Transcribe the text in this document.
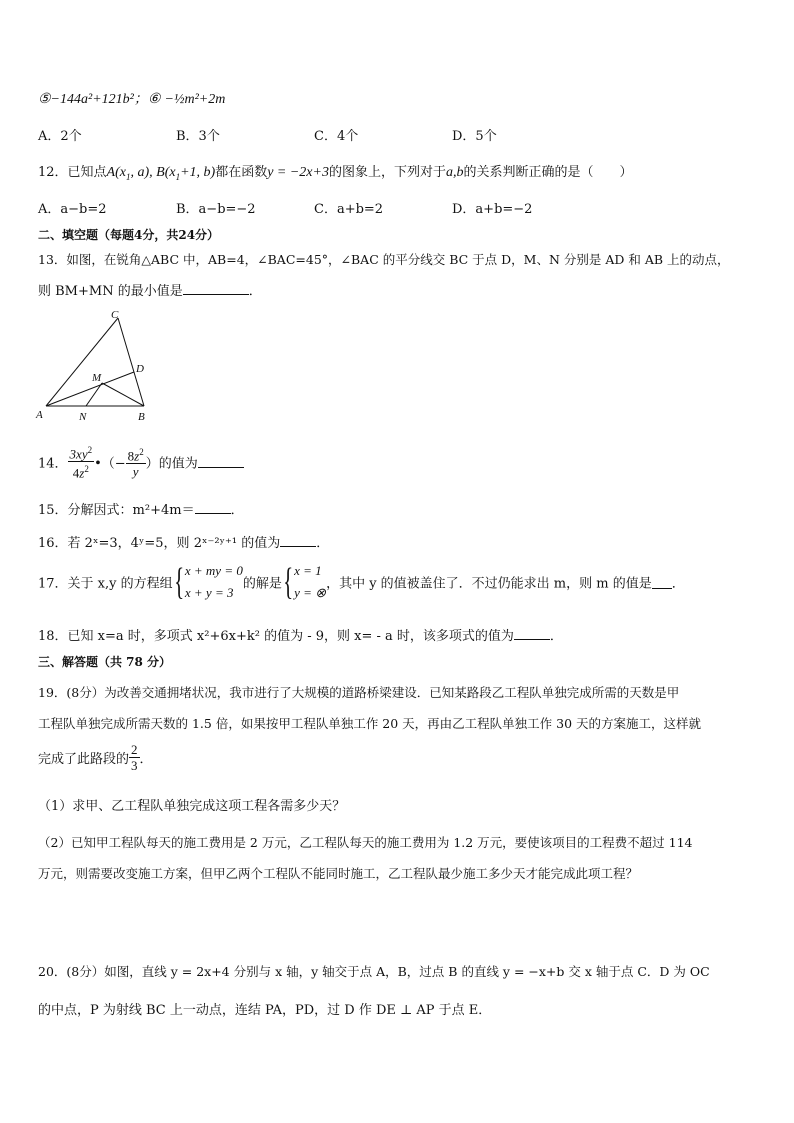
⑤−144a²+121b²；⑥ −½m²+2m
A．2个	B．3个	C．4个	D．5个
12．已知点$A(x_1$, a), $B(x_1+1$, b)都在函数y = −2x+3的图象上，下列对于a,b的关系判断正确的是（　　）
A．a−b=2	B．a−b=−2	C．a+b=2	D．a+b=−2
二、填空题（每题4分，共24分）
13．如图，在锐角△ABC 中，AB=4，∠BAC=45°，∠BAC 的平分线交 BC 于点 D，M、N 分别是 AD 和 AB 上的动点，
则 BM+MN 的最小值是	．
A	B
C
D
M
N
14． $\frac{3xy^2}{4z^2}$ •（− $\frac{8z^2}{y}$ ）的值为
15．分解因式：m²+4m＝	．
16．若 2ˣ=3，4ʸ=5，则 2ˣ⁻²ʸ⁺¹ 的值为	．
17．关于 x,y 的方程组{ x + my = 0
x + y = 3
的解是{ x = 1
y = ⊗
，其中 y 的值被盖住了．不过仍能求出 m，则 m 的值是 ．
18．已知 x=a 时，多项式 x²+6x+k² 的值为 - 9，则 x= - a 时，该多项式的值为	．
三、解答题（共 78 分）
19．(8分）为改善交通拥堵状况，我市进行了大规模的道路桥梁建设．已知某路段乙工程队单独完成所需的天数是甲
工程队单独完成所需天数的 1.5 倍，如果按甲工程队单独工作 20 天，再由乙工程队单独工作 30 天的方案施工，这样就
完成了此路段的 $\frac{2}{3}$ ．
（1）求甲、乙工程队单独完成这项工程各需多少天？
（2）已知甲工程队每天的施工费用是 2 万元，乙工程队每天的施工费用为 1.2 万元，要使该项目的工程费不超过 114
万元，则需要改变施工方案，但甲乙两个工程队不能同时施工，乙工程队最少施工多少天才能完成此项工程？
20．(8分）如图，直线 y = 2x+4 分别与 x 轴，y 轴交于点 A，B，过点 B 的直线 y = −x+b 交 x 轴于点 C．D 为 OC
的中点，P 为射线 BC 上一动点，连结 PA，PD，过 D 作 DE ⊥ AP 于点 E．
